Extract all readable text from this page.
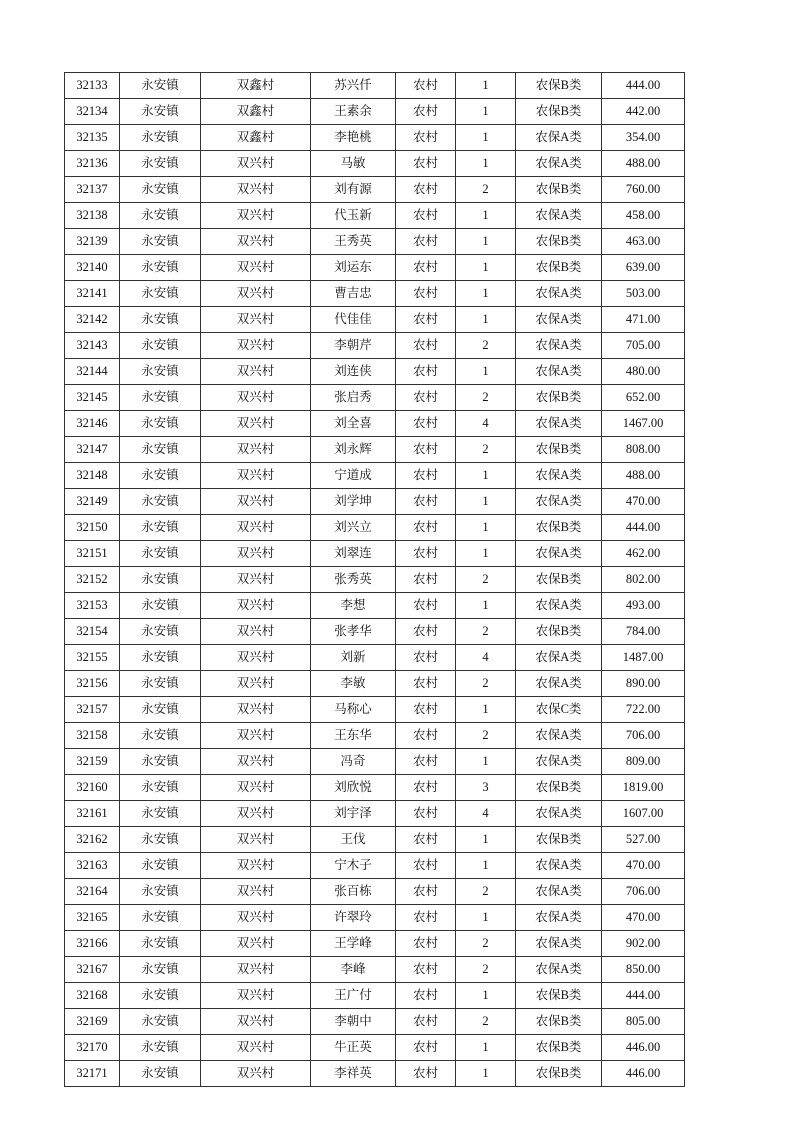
32133	永安镇	双鑫村	苏兴仟	农村	1	农保B类	444.00
32134	永安镇	双鑫村	王素余	农村	1	农保B类	442.00
32135	永安镇	双鑫村	李艳桃	农村	1	农保A类	354.00
32136	永安镇	双兴村	马敏	农村	1	农保A类	488.00
32137	永安镇	双兴村	刘有源	农村	2	农保B类	760.00
32138	永安镇	双兴村	代玉新	农村	1	农保A类	458.00
32139	永安镇	双兴村	王秀英	农村	1	农保B类	463.00
32140	永安镇	双兴村	刘运东	农村	1	农保B类	639.00
32141	永安镇	双兴村	曹吉忠	农村	1	农保A类	503.00
32142	永安镇	双兴村	代佳佳	农村	1	农保A类	471.00
32143	永安镇	双兴村	李朝芹	农村	2	农保A类	705.00
32144	永安镇	双兴村	刘连侠	农村	1	农保A类	480.00
32145	永安镇	双兴村	张启秀	农村	2	农保B类	652.00
32146	永安镇	双兴村	刘全喜	农村	4	农保A类	1467.00
32147	永安镇	双兴村	刘永辉	农村	2	农保B类	808.00
32148	永安镇	双兴村	宁道成	农村	1	农保A类	488.00
32149	永安镇	双兴村	刘学坤	农村	1	农保A类	470.00
32150	永安镇	双兴村	刘兴立	农村	1	农保B类	444.00
32151	永安镇	双兴村	刘翠连	农村	1	农保A类	462.00
32152	永安镇	双兴村	张秀英	农村	2	农保B类	802.00
32153	永安镇	双兴村	李想	农村	1	农保A类	493.00
32154	永安镇	双兴村	张孝华	农村	2	农保B类	784.00
32155	永安镇	双兴村	刘新	农村	4	农保A类	1487.00
32156	永安镇	双兴村	李敏	农村	2	农保A类	890.00
32157	永安镇	双兴村	马称心	农村	1	农保C类	722.00
32158	永安镇	双兴村	王东华	农村	2	农保A类	706.00
32159	永安镇	双兴村	冯奇	农村	1	农保A类	809.00
32160	永安镇	双兴村	刘欣悦	农村	3	农保B类	1819.00
32161	永安镇	双兴村	刘宇泽	农村	4	农保A类	1607.00
32162	永安镇	双兴村	王伐	农村	1	农保B类	527.00
32163	永安镇	双兴村	宁木子	农村	1	农保A类	470.00
32164	永安镇	双兴村	张百栋	农村	2	农保A类	706.00
32165	永安镇	双兴村	许翠玲	农村	1	农保A类	470.00
32166	永安镇	双兴村	王学峰	农村	2	农保A类	902.00
32167	永安镇	双兴村	李峰	农村	2	农保A类	850.00
32168	永安镇	双兴村	王广付	农村	1	农保B类	444.00
32169	永安镇	双兴村	李朝中	农村	2	农保B类	805.00
32170	永安镇	双兴村	牛正英	农村	1	农保B类	446.00
32171	永安镇	双兴村	李祥英	农村	1	农保B类	446.00
